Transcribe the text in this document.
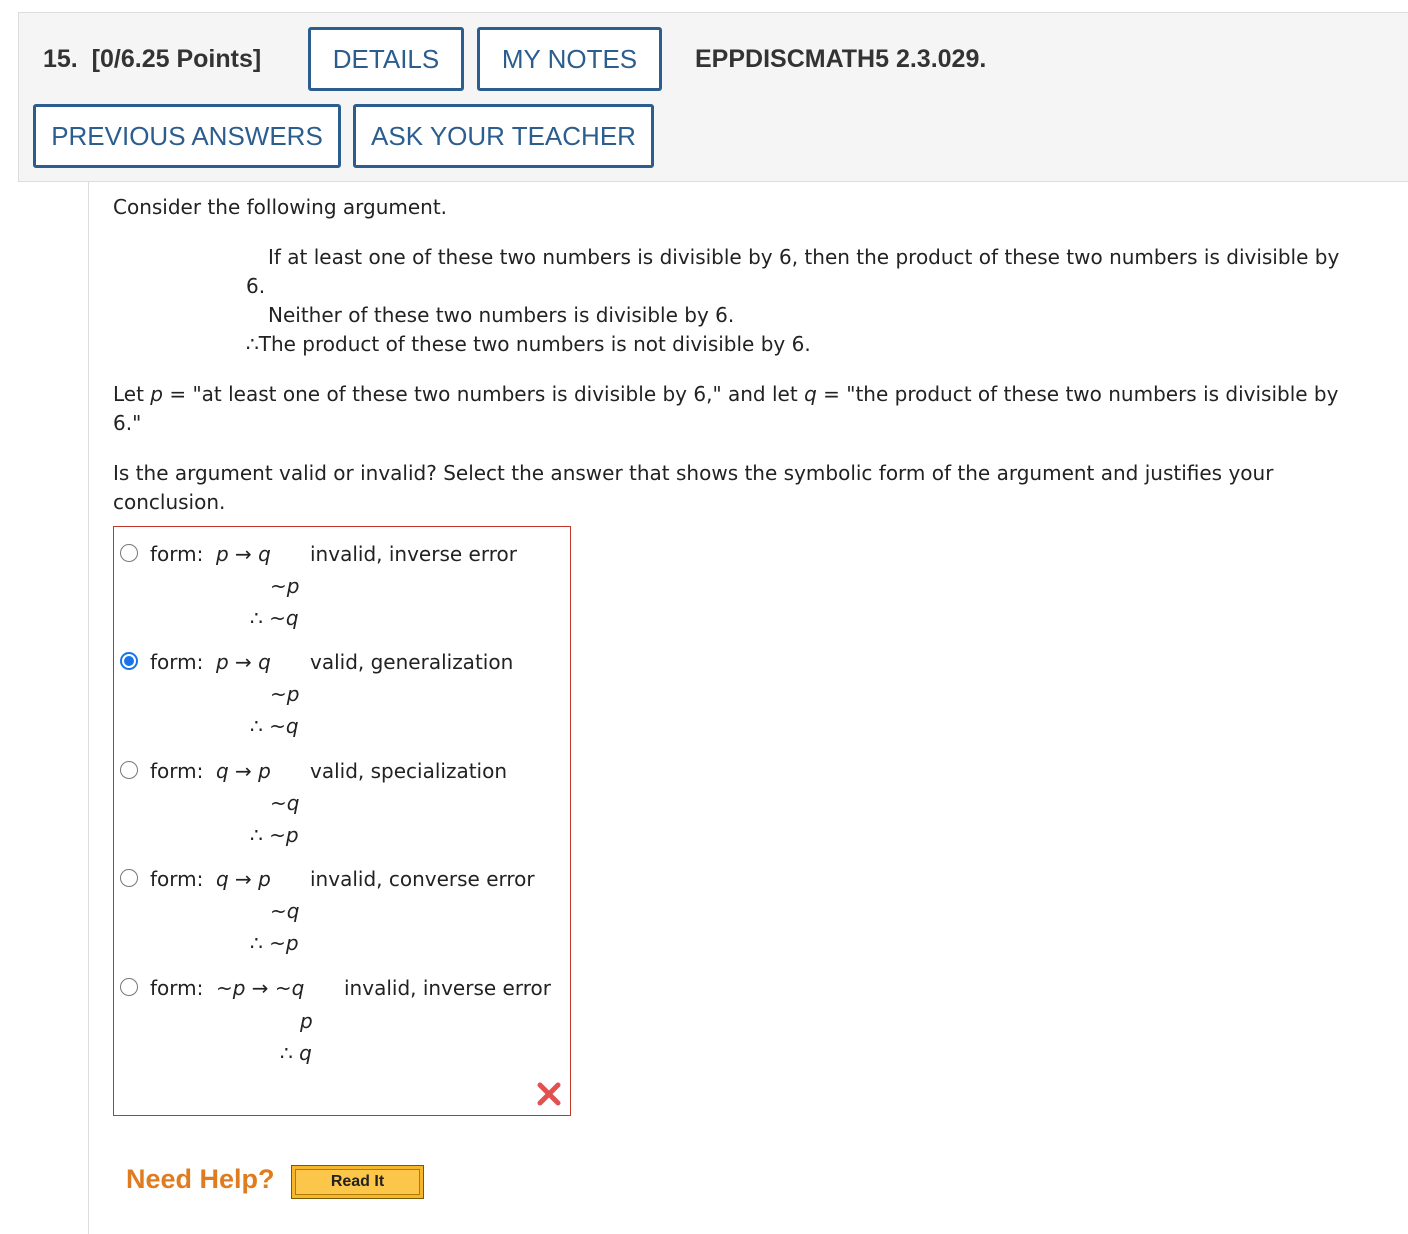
15. [0/6.25 Points]	DETAILS	MY NOTES	EPPDISCMATH5 2.3.029.
PREVIOUS ANSWERS	ASK YOUR TEACHER
Consider the following argument.
If at least one of these two numbers is divisible by 6, then the product of these two numbers is divisible by
6.
Neither of these two numbers is divisible by 6.
∴The product of these two numbers is not divisible by 6.
Let p = "at least one of these two numbers is divisible by 6," and let q = "the product of these two numbers is divisible by
6."
Is the argument valid or invalid? Select the answer that shows the symbolic form of the argument and justifies your
conclusion.
form: p → q invalid, inverse error
~p
∴ ~q
form: p → q valid, generalization
~p
∴ ~q
form: q → p valid, specialization
~q
∴ ~p
form: q → p invalid, converse error
~q
∴ ~p
form: ~p → ~q invalid, inverse error
p
∴ q
Need Help?	Read It
